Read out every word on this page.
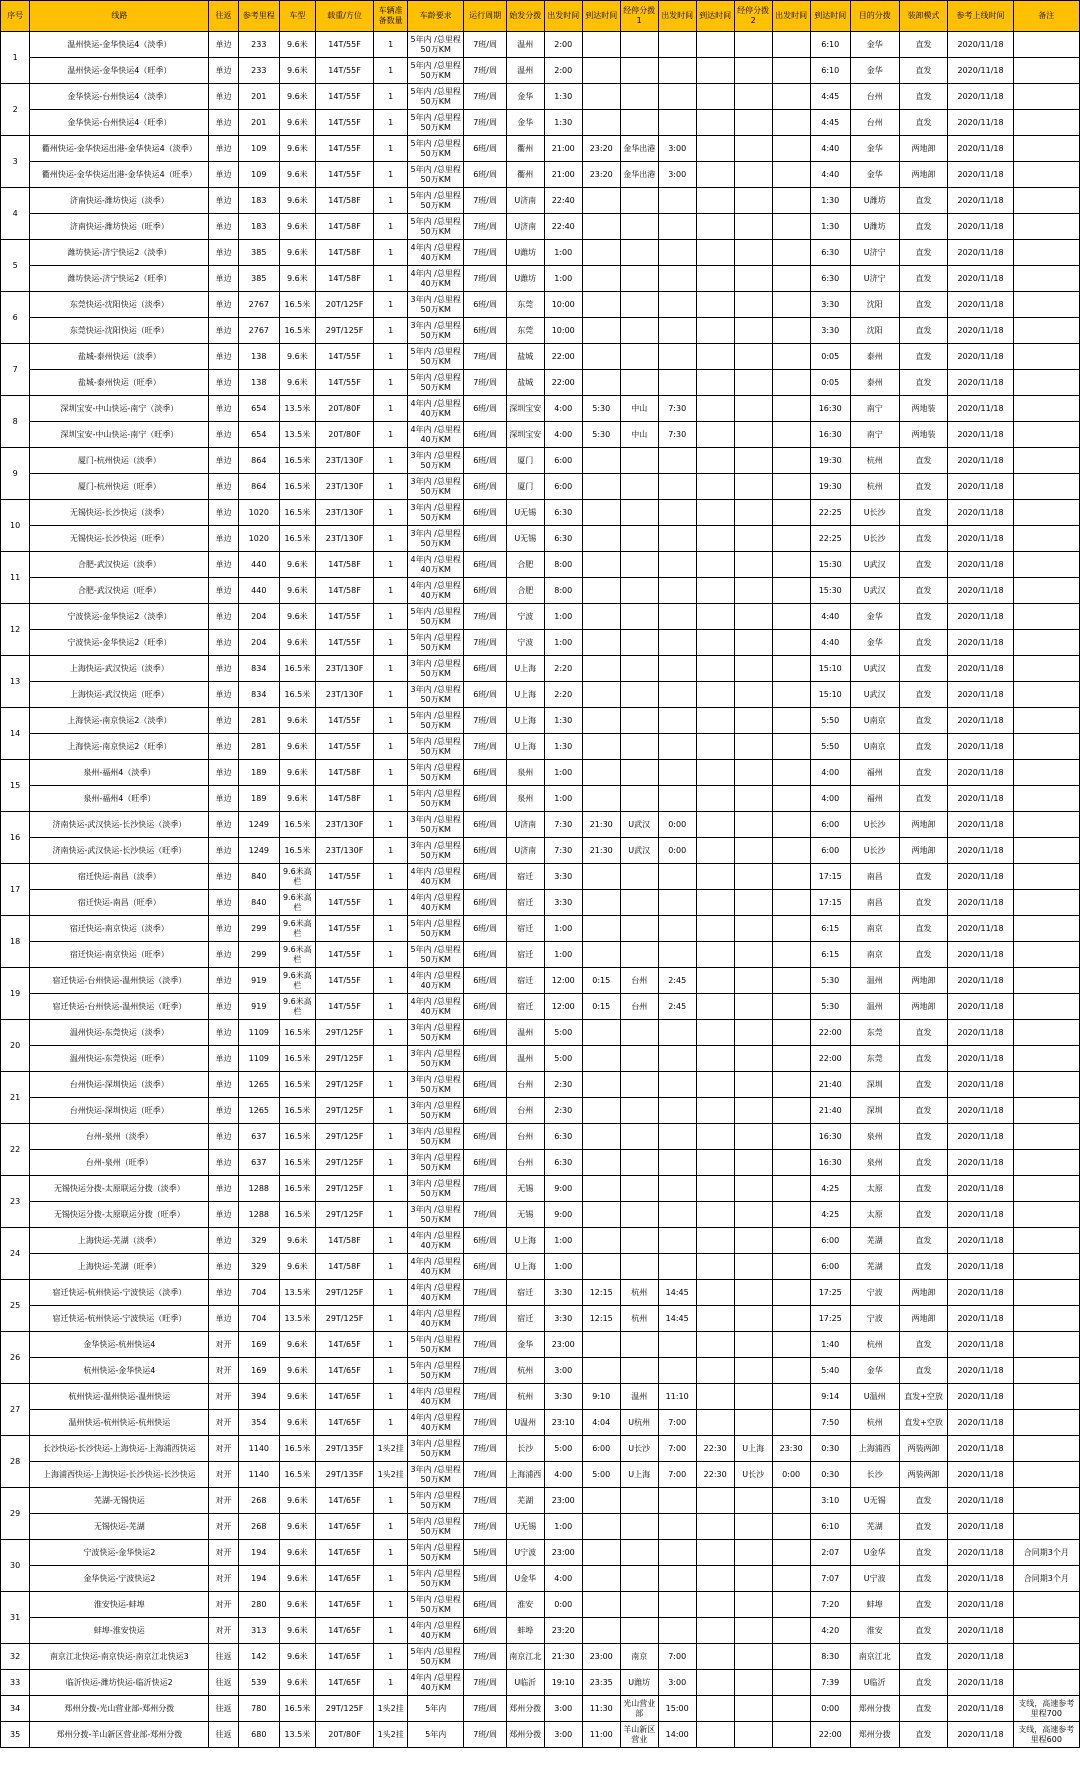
序号	线路	往返	参考里程	车型	载重/方位	车辆准备数量	车龄要求	运行周期	始发分拨	出发时间	到达时间	经停分拨1	出发时间	到达时间	经停分拨2	出发时间	到达时间	目的分拨	装卸模式	参考上线时间	备注
1	温州快运-金华快运4（淡季）	单边	233	9.6米	14T/55F	1	5年内 /总里程50万KM	7班/周	温州	2:00							6:10	金华	直发	2020/11/18	
	温州快运-金华快运4（旺季）	单边	233	9.6米	14T/55F	1	5年内 /总里程50万KM	7班/周	温州	2:00							6:10	金华	直发	2020/11/18	
2	金华快运-台州快运4（淡季）	单边	201	9.6米	14T/55F	1	5年内 /总里程50万KM	7班/周	金华	1:30							4:45	台州	直发	2020/11/18	
	金华快运-台州快运4（旺季）	单边	201	9.6米	14T/55F	1	5年内 /总里程50万KM	7班/周	金华	1:30							4:45	台州	直发	2020/11/18	
3	衢州快运-金华快运出港-金华快运4（淡季）	单边	109	9.6米	14T/55F	1	5年内 /总里程50万KM	6班/周	衢州	21:00	23:20	金华出港	3:00				4:40	金华	两地卸	2020/11/18	
	衢州快运-金华快运出港-金华快运4（旺季）	单边	109	9.6米	14T/55F	1	5年内 /总里程50万KM	6班/周	衢州	21:00	23:20	金华出港	3:00				4:40	金华	两地卸	2020/11/18	
4	济南快运-潍坊快运（淡季）	单边	183	9.6米	14T/58F	1	5年内 /总里程50万KM	7班/周	U济南	22:40							1:30	U潍坊	直发	2020/11/18	
	济南快运-潍坊快运（旺季）	单边	183	9.6米	14T/58F	1	5年内 /总里程50万KM	7班/周	U济南	22:40							1:30	U潍坊	直发	2020/11/18	
5	潍坊快运-济宁快运2（淡季）	单边	385	9.6米	14T/58F	1	4年内 /总里程40万KM	7班/周	U潍坊	1:00							6:30	U济宁	直发	2020/11/18	
	潍坊快运-济宁快运2（旺季）	单边	385	9.6米	14T/58F	1	4年内 /总里程40万KM	7班/周	U潍坊	1:00							6:30	U济宁	直发	2020/11/18	
6	东莞快运-沈阳快运（淡季）	单边	2767	16.5米	20T/125F	1	3年内 /总里程50万KM	6班/周	东莞	10:00							3:30	沈阳	直发	2020/11/18	
	东莞快运-沈阳快运（旺季）	单边	2767	16.5米	29T/125F	1	3年内 /总里程50万KM	6班/周	东莞	10:00							3:30	沈阳	直发	2020/11/18	
7	盐城-泰州快运（淡季）	单边	138	9.6米	14T/55F	1	5年内 /总里程50万KM	7班/周	盐城	22:00							0:05	泰州	直发	2020/11/18	
	盐城-泰州快运（旺季）	单边	138	9.6米	14T/55F	1	5年内 /总里程50万KM	7班/周	盐城	22:00							0:05	泰州	直发	2020/11/18	
8	深圳宝安-中山快运-南宁（淡季）	单边	654	13.5米	20T/80F	1	4年内 /总里程40万KM	6班/周	深圳宝安	4:00	5:30	中山	7:30				16:30	南宁	两地装	2020/11/18	
	深圳宝安-中山快运-南宁（旺季）	单边	654	13.5米	20T/80F	1	4年内 /总里程40万KM	6班/周	深圳宝安	4:00	5:30	中山	7:30				16:30	南宁	两地装	2020/11/18	
9	厦门-杭州快运（淡季）	单边	864	16.5米	23T/130F	1	3年内 /总里程50万KM	6班/周	厦门	6:00							19:30	杭州	直发	2020/11/18	
	厦门-杭州快运（旺季）	单边	864	16.5米	23T/130F	1	3年内 /总里程50万KM	6班/周	厦门	6:00							19:30	杭州	直发	2020/11/18	
10	无锡快运-长沙快运（淡季）	单边	1020	16.5米	23T/130F	1	3年内 /总里程50万KM	6班/周	U无锡	6:30							22:25	U长沙	直发	2020/11/18	
	无锡快运-长沙快运（旺季）	单边	1020	16.5米	23T/130F	1	3年内 /总里程50万KM	6班/周	U无锡	6:30							22:25	U长沙	直发	2020/11/18	
11	合肥-武汉快运（淡季）	单边	440	9.6米	14T/58F	1	4年内 /总里程40万KM	6班/周	合肥	8:00							15:30	U武汉	直发	2020/11/18	
	合肥-武汉快运（旺季）	单边	440	9.6米	14T/58F	1	4年内 /总里程40万KM	6班/周	合肥	8:00							15:30	U武汉	直发	2020/11/18	
12	宁波快运-金华快运2（淡季）	单边	204	9.6米	14T/55F	1	5年内 /总里程50万KM	7班/周	宁波	1:00							4:40	金华	直发	2020/11/18	
	宁波快运-金华快运2（旺季）	单边	204	9.6米	14T/55F	1	5年内 /总里程50万KM	7班/周	宁波	1:00							4:40	金华	直发	2020/11/18	
13	上海快运-武汉快运（淡季）	单边	834	16.5米	23T/130F	1	3年内 /总里程50万KM	6班/周	U上海	2:20							15:10	U武汉	直发	2020/11/18	
	上海快运-武汉快运（旺季）	单边	834	16.5米	23T/130F	1	3年内 /总里程50万KM	6班/周	U上海	2:20							15:10	U武汉	直发	2020/11/18	
14	上海快运-南京快运2（淡季）	单边	281	9.6米	14T/55F	1	5年内 /总里程50万KM	7班/周	U上海	1:30							5:50	U南京	直发	2020/11/18	
	上海快运-南京快运2（旺季）	单边	281	9.6米	14T/55F	1	5年内 /总里程50万KM	7班/周	U上海	1:30							5:50	U南京	直发	2020/11/18	
15	泉州-福州4（淡季）	单边	189	9.6米	14T/58F	1	5年内 /总里程50万KM	6班/周	泉州	1:00							4:00	福州	直发	2020/11/18	
	泉州-福州4（旺季）	单边	189	9.6米	14T/58F	1	5年内 /总里程50万KM	6班/周	泉州	1:00							4:00	福州	直发	2020/11/18	
16	济南快运-武汉快运-长沙快运（淡季）	单边	1249	16.5米	23T/130F	1	3年内 /总里程50万KM	6班/周	U济南	7:30	21:30	U武汉	0:00				6:00	U长沙	两地卸	2020/11/18	
	济南快运-武汉快运-长沙快运（旺季）	单边	1249	16.5米	23T/130F	1	3年内 /总里程50万KM	6班/周	U济南	7:30	21:30	U武汉	0:00				6:00	U长沙	两地卸	2020/11/18	
17	宿迁快运-南昌（淡季）	单边	840	9.6米高栏	14T/55F	1	4年内 /总里程40万KM	6班/周	宿迁	3:30							17:15	南昌	直发	2020/11/18	
	宿迁快运-南昌（旺季）	单边	840	9.6米高栏	14T/55F	1	4年内 /总里程40万KM	6班/周	宿迁	3:30							17:15	南昌	直发	2020/11/18	
18	宿迁快运-南京快运（淡季）	单边	299	9.6米高栏	14T/55F	1	5年内 /总里程50万KM	6班/周	宿迁	1:00							6:15	南京	直发	2020/11/18	
	宿迁快运-南京快运（旺季）	单边	299	9.6米高栏	14T/55F	1	5年内 /总里程50万KM	6班/周	宿迁	1:00							6:15	南京	直发	2020/11/18	
19	宿迁快运-台州快运-温州快运（淡季）	单边	919	9.6米高栏	14T/55F	1	4年内 /总里程40万KM	6班/周	宿迁	12:00	0:15	台州	2:45				5:30	温州	两地卸	2020/11/18	
	宿迁快运-台州快运-温州快运（旺季）	单边	919	9.6米高栏	14T/55F	1	4年内 /总里程40万KM	6班/周	宿迁	12:00	0:15	台州	2:45				5:30	温州	两地卸	2020/11/18	
20	温州快运-东莞快运（淡季）	单边	1109	16.5米	29T/125F	1	3年内 /总里程50万KM	6班/周	温州	5:00							22:00	东莞	直发	2020/11/18	
	温州快运-东莞快运（旺季）	单边	1109	16.5米	29T/125F	1	3年内 /总里程50万KM	6班/周	温州	5:00							22:00	东莞	直发	2020/11/18	
21	台州快运-深圳快运（淡季）	单边	1265	16.5米	29T/125F	1	3年内 /总里程50万KM	6班/周	台州	2:30							21:40	深圳	直发	2020/11/18	
	台州快运-深圳快运（旺季）	单边	1265	16.5米	29T/125F	1	3年内 /总里程50万KM	6班/周	台州	2:30							21:40	深圳	直发	2020/11/18	
22	台州-泉州（淡季）	单边	637	16.5米	29T/125F	1	3年内 /总里程50万KM	6班/周	台州	6:30							16:30	泉州	直发	2020/11/18	
	台州-泉州（旺季）	单边	637	16.5米	29T/125F	1	3年内 /总里程50万KM	6班/周	台州	6:30							16:30	泉州	直发	2020/11/18	
23	无锡快运分拨-太原联运分拨（淡季）	单边	1288	16.5米	29T/125F	1	3年内 /总里程50万KM	7班/周	无锡	9:00							4:25	太原	直发	2020/11/18	
	无锡快运分拨-太原联运分拨（旺季）	单边	1288	16.5米	29T/125F	1	3年内 /总里程50万KM	7班/周	无锡	9:00							4:25	太原	直发	2020/11/18	
24	上海快运-芜湖（淡季）	单边	329	9.6米	14T/58F	1	4年内 /总里程40万KM	6班/周	U上海	1:00							6:00	芜湖	直发	2020/11/18	
	上海快运-芜湖（旺季）	单边	329	9.6米	14T/58F	1	4年内 /总里程40万KM	6班/周	U上海	1:00							6:00	芜湖	直发	2020/11/18	
25	宿迁快运-杭州快运-宁波快运（淡季）	单边	704	13.5米	29T/125F	1	4年内 /总里程40万KM	7班/周	宿迁	3:30	12:15	杭州	14:45				17:25	宁波	两地卸	2020/11/18	
	宿迁快运-杭州快运-宁波快运（旺季）	单边	704	13.5米	29T/125F	1	4年内 /总里程40万KM	7班/周	宿迁	3:30	12:15	杭州	14:45				17:25	宁波	两地卸	2020/11/18	
26	金华快运-杭州快运4	对开	169	9.6米	14T/65F	1	5年内 /总里程50万KM	7班/周	金华	23:00							1:40	杭州	直发	2020/11/18	
	杭州快运-金华快运4	对开	169	9.6米	14T/65F	1	5年内 /总里程50万KM	7班/周	杭州	3:00							5:40	金华	直发	2020/11/18	
27	杭州快运-温州快运-温州快运	对开	394	9.6米	14T/65F	1	4年内 /总里程40万KM	7班/周	杭州	3:30	9:10	温州	11:10				9:14	U温州	直发+空放	2020/11/18	
	温州快运-杭州快运-杭州快运	对开	354	9.6米	14T/65F	1	4年内 /总里程40万KM	7班/周	U温州	23:10	4:04	U杭州	7:00				7:50	杭州	直发+空放	2020/11/18	
28	长沙快运-长沙快运-上海快运-上海浦西快运	对开	1140	16.5米	29T/135F	1头2挂	3年内 /总里程50万KM	7班/周	长沙	5:00	6:00	U长沙	7:00	22:30	U上海	23:30	0:30	上海浦西	两装两卸	2020/11/18	
	上海浦西快运-上海快运-长沙快运-长沙快运	对开	1140	16.5米	29T/135F	1头2挂	3年内 /总里程50万KM	7班/周	上海浦西	4:00	5:00	U上海	7:00	22:30	U长沙	0:00	0:30	长沙	两装两卸	2020/11/18	
29	芜湖-无锡快运	对开	268	9.6米	14T/65F	1	5年内 /总里程50万KM	7班/周	芜湖	23:00							3:10	U无锡	直发	2020/11/18	
	无锡快运-芜湖	对开	268	9.6米	14T/65F	1	5年内 /总里程50万KM	7班/周	U无锡	1:00							6:10	芜湖	直发	2020/11/18	
30	宁波快运-金华快运2	对开	194	9.6米	14T/65F	1	5年内 /总里程50万KM	5班/周	U宁波	23:00							2:07	U金华	直发	2020/11/18	合同期3个月
	金华快运-宁波快运2	对开	194	9.6米	14T/65F	1	5年内 /总里程50万KM	5班/周	U金华	4:00							7:07	U宁波	直发	2020/11/18	合同期3个月
31	淮安快运-蚌埠	对开	280	9.6米	14T/65F	1	5年内 /总里程50万KM	6班/周	淮安	0:00							7:20	蚌埠	直发	2020/11/18	
	蚌埠-淮安快运	对开	313	9.6米	14T/65F	1	4年内 /总里程40万KM	6班/周	蚌埠	23:20							4:20	淮安	直发	2020/11/18	
32	南京江北快运-南京快运-南京江北快运3	往返	142	9.6米	14T/65F	1	5年内 /总里程50万KM	7班/周	南京江北	21:30	23:00	南京	7:00				8:30	南京江北	直发	2020/11/18	
33	临沂快运-潍坊快运-临沂快运2	往返	539	9.6米	14T/65F	1	4年内 /总里程40万KM	7班/周	U临沂	19:10	23:35	U潍坊	3:00				7:39	U临沂	直发	2020/11/18	
34	郑州分拨-光山营业部-郑州分拨	往返	780	16.5米	29T/125F	1头2挂	5年内	7班/周	郑州分拨	3:00	11:30	光山营业部	15:00				0:00	郑州分拨	直发	2020/11/18	支线，高速参考里程700
35	郑州分拨-羊山新区营业部-郑州分拨	往返	680	13.5米	20T/80F	1头2挂	5年内	7班/周	郑州分拨	3:00	11:00	羊山新区营业	14:00				22:00	郑州分拨	直发	2020/11/18	支线，高速参考里程600
